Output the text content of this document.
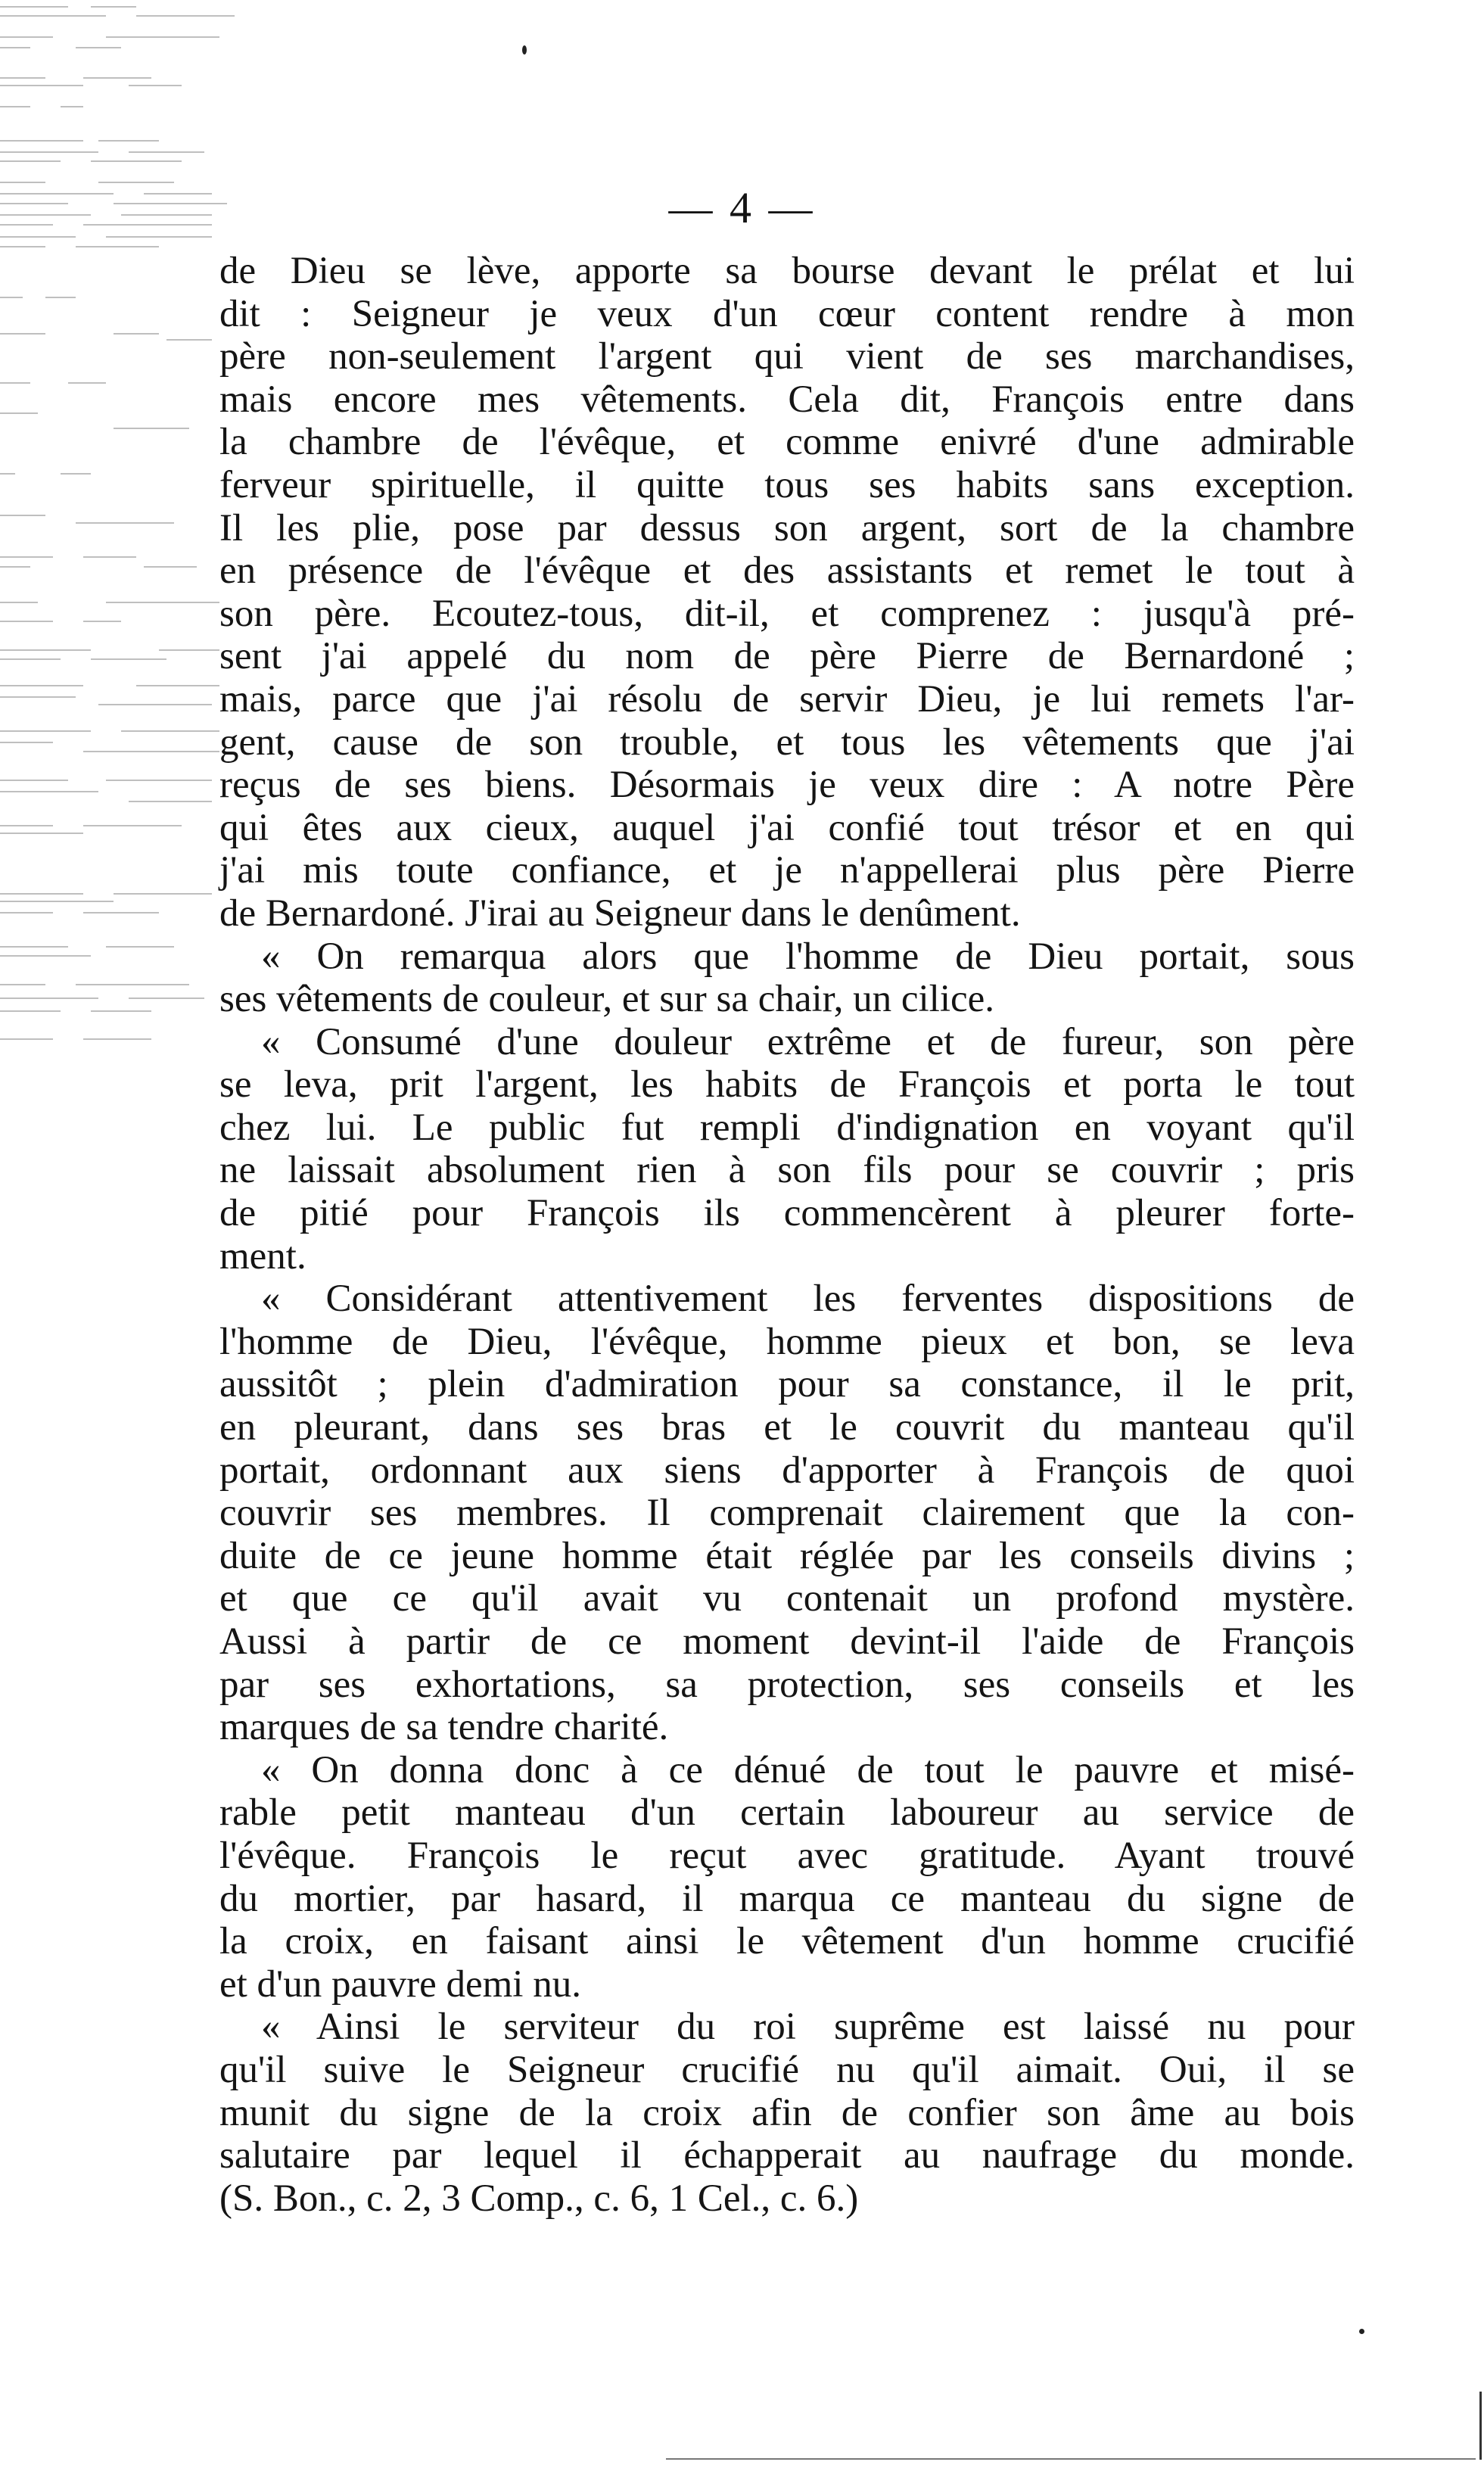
— 4 —

de Dieu se lève, apporte sa bourse devant le prélat et lui

dit : Seigneur je veux d'un cœur content rendre à mon

père non-seulement l'argent qui vient de ses marchandises,

mais encore mes vêtements. Cela dit, François entre dans

la chambre de l'évêque, et comme enivré d'une admirable

ferveur spirituelle, il quitte tous ses habits sans exception.

Il les plie, pose par dessus son argent, sort de la chambre

en présence de l'évêque et des assistants et remet le tout à

son père. Ecoutez-tous, dit-il, et comprenez : jusqu'à pré-

sent j'ai appelé du nom de père Pierre de Bernardoné ;

mais, parce que j'ai résolu de servir Dieu, je lui remets l'ar-

gent, cause de son trouble, et tous les vêtements que j'ai

reçus de ses biens. Désormais je veux dire : A notre Père

qui êtes aux cieux, auquel j'ai confié tout trésor et en qui

j'ai mis toute confiance, et je n'appellerai plus père Pierre

de Bernardoné. J'irai au Seigneur dans le denûment.

« On remarqua alors que l'homme de Dieu portait, sous

ses vêtements de couleur, et sur sa chair, un cilice.

« Consumé d'une douleur extrême et de fureur, son père

se leva, prit l'argent, les habits de François et porta le tout

chez lui. Le public fut rempli d'indignation en voyant qu'il

ne laissait absolument rien à son fils pour se couvrir ; pris

de pitié pour François ils commencèrent à pleurer forte-

ment.

« Considérant attentivement les ferventes dispositions de

l'homme de Dieu, l'évêque, homme pieux et bon, se leva

aussitôt ; plein d'admiration pour sa constance, il le prit,

en pleurant, dans ses bras et le couvrit du manteau qu'il

portait, ordonnant aux siens d'apporter à François de quoi

couvrir ses membres. Il comprenait clairement que la con-

duite de ce jeune homme était réglée par les conseils divins ;

et que ce qu'il avait vu contenait un profond mystère.

Aussi à partir de ce moment devint-il l'aide de François

par ses exhortations, sa protection, ses conseils et les

marques de sa tendre charité.

« On donna donc à ce dénué de tout le pauvre et misé-

rable petit manteau d'un certain laboureur au service de

l'évêque. François le reçut avec gratitude. Ayant trouvé

du mortier, par hasard, il marqua ce manteau du signe de

la croix, en faisant ainsi le vêtement d'un homme crucifié

et d'un pauvre demi nu.

« Ainsi le serviteur du roi suprême est laissé nu pour

qu'il suive le Seigneur crucifié nu qu'il aimait. Oui, il se

munit du signe de la croix afin de confier son âme au bois

salutaire par lequel il échapperait au naufrage du monde.

(S. Bon., c. 2, 3 Comp., c. 6, 1 Cel., c. 6.)
